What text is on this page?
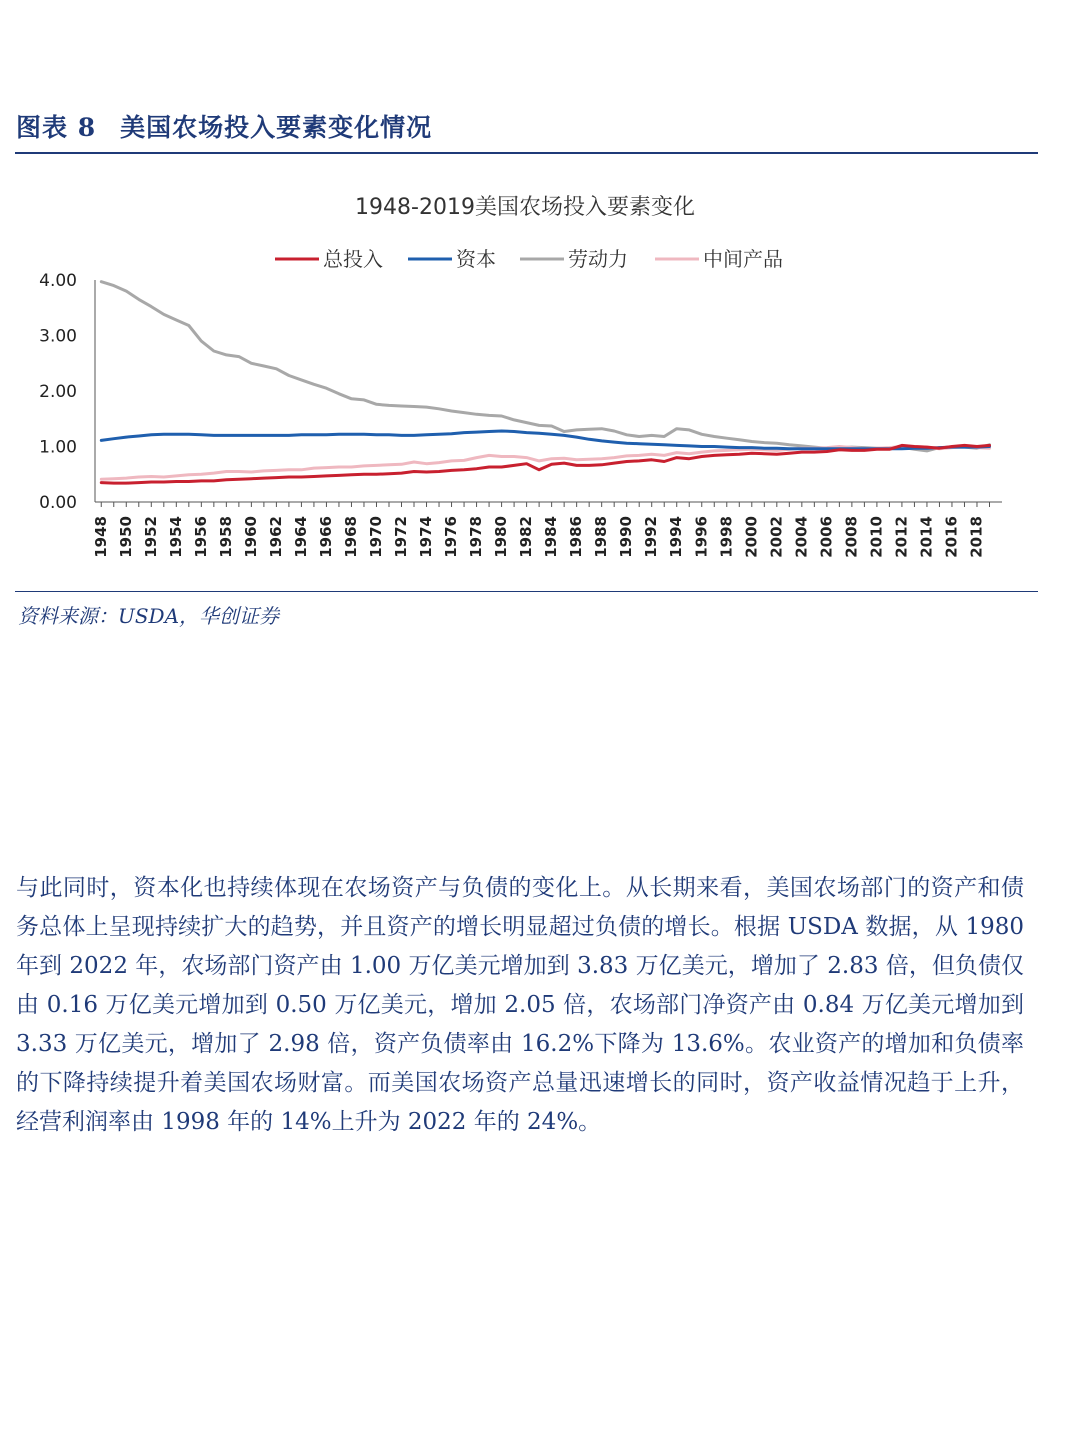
图表 8 美国农场投入要素变化情况
1948-2019美国农场投入要素变化
总投入	资本	劳动力	中间产品
0.00
1.00
2.00
3.00
4.00
1948 1950 1952 1954 1956 1958 1960 1962 1964 1966 1968 1970 1972 1974 1976 1978 1980 1982 1984 1986 1988 1990 1992 1994 1996 1998 2000 2002 2004 2006 2008 2010 2012 2014 2016 2018
资料来源：USDA，华创证券

与此同时，资本化也持续体现在农场资产与负债的变化上。从长期来看，美国农场部门的资产和债务总体上呈现持续扩大的趋势，并且资产的增长明显超过负债的增长。根据 USDA 数据，从 1980 年到 2022 年，农场部门资产由 1.00 万亿美元增加到 3.83 万亿美元，增加了 2.83 倍，但负债仅由 0.16 万亿美元增加到 0.50 万亿美元，增加 2.05 倍，农场部门净资产由 0.84 万亿美元增加到 3.33 万亿美元，增加了 2.98 倍，资产负债率由 16.2%下降为 13.6%。农业资产的增加和负债率的下降持续提升着美国农场财富。而美国农场资产总量迅速增长的同时，资产收益情况趋于上升，经营利润率由 1998 年的 14%上升为 2022 年的 24%。
